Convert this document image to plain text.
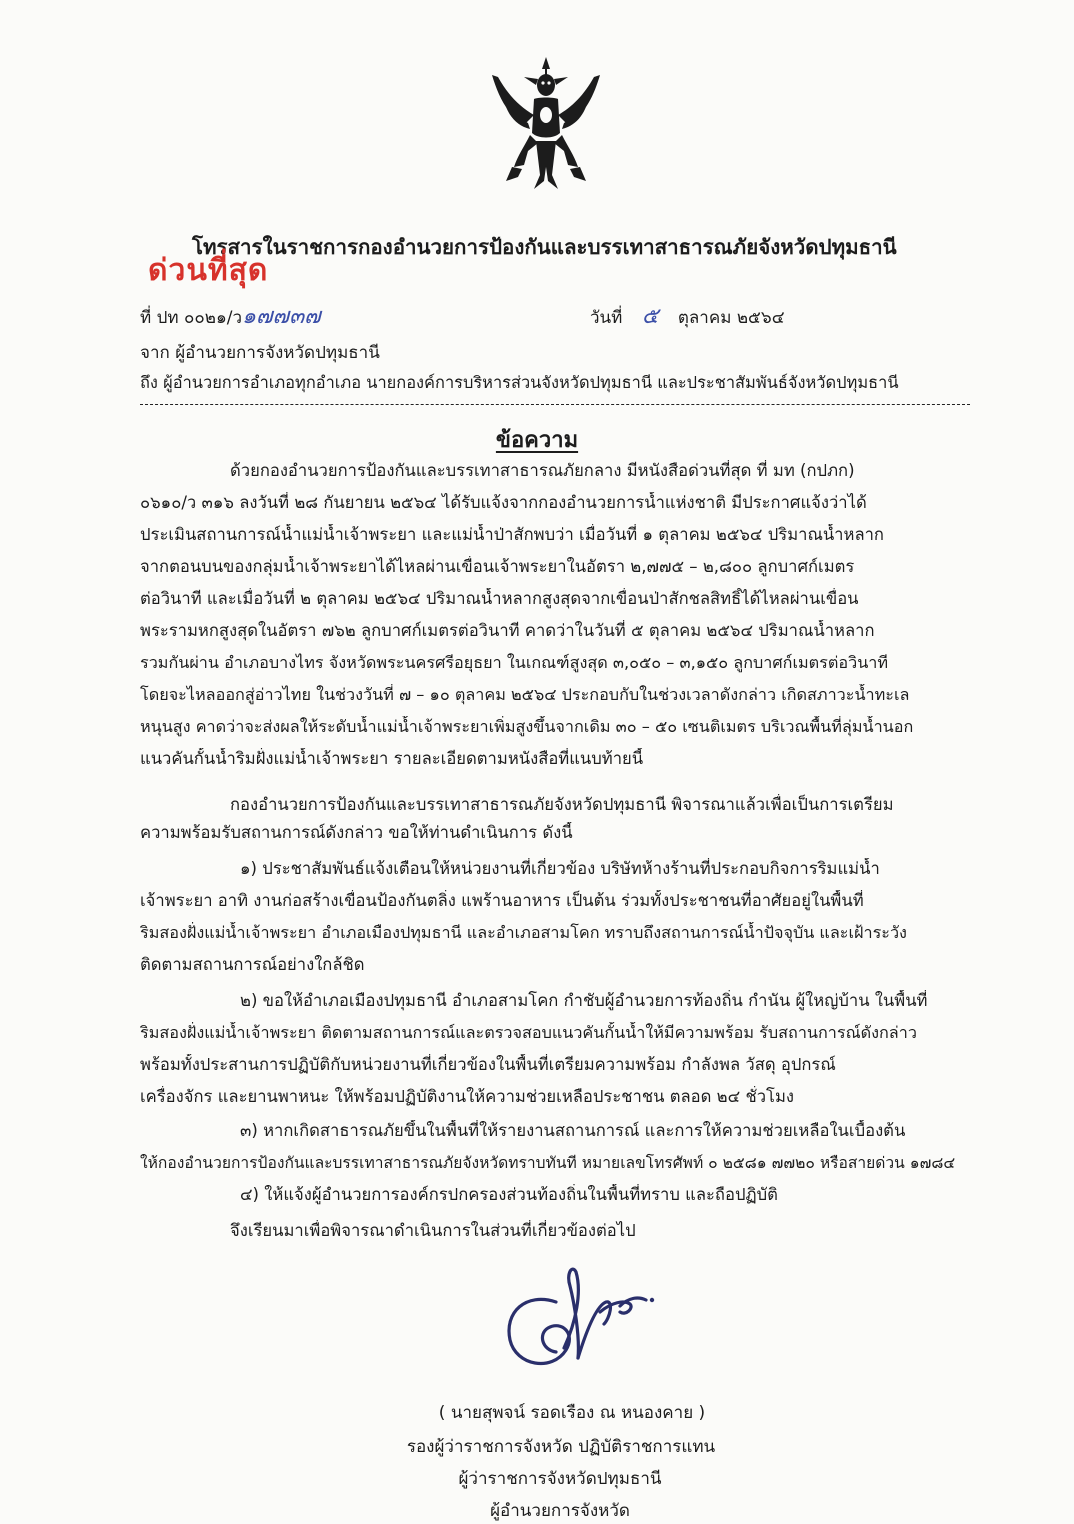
โทรสารในราชการกองอำนวยการป้องกันและบรรเทาสาธารณภัยจังหวัดปทุมธานี
ด่วนที่สุด
ที่ ปท ๐๐๒๑/ว๑๗๗๓๗	วันที่ ๕ ตุลาคม ๒๕๖๔
จาก ผู้อำนวยการจังหวัดปทุมธานี
ถึง ผู้อำนวยการอำเภอทุกอำเภอ นายกองค์การบริหารส่วนจังหวัดปทุมธานี และประชาสัมพันธ์จังหวัดปทุมธานี
ข้อความ
ด้วยกองอำนวยการป้องกันและบรรเทาสาธารณภัยกลาง มีหนังสือด่วนที่สุด ที่ มท (กปภก)
๐๖๑๐/ว ๓๑๖ ลงวันที่ ๒๘ กันยายน ๒๕๖๔ ได้รับแจ้งจากกองอำนวยการน้ำแห่งชาติ มีประกาศแจ้งว่าได้
ประเมินสถานการณ์น้ำแม่น้ำเจ้าพระยา และแม่น้ำป่าสักพบว่า เมื่อวันที่ ๑ ตุลาคม ๒๕๖๔ ปริมาณน้ำหลาก
จากตอนบนของกลุ่มน้ำเจ้าพระยาได้ไหลผ่านเขื่อนเจ้าพระยาในอัตรา ๒,๗๗๕ – ๒,๘๐๐ ลูกบาศก์เมตร
ต่อวินาที และเมื่อวันที่ ๒ ตุลาคม ๒๕๖๔ ปริมาณน้ำหลากสูงสุดจากเขื่อนป่าสักชลสิทธิ์ได้ไหลผ่านเขื่อน
พระรามหกสูงสุดในอัตรา ๗๖๒ ลูกบาศก์เมตรต่อวินาที คาดว่าในวันที่ ๕ ตุลาคม ๒๕๖๔ ปริมาณน้ำหลาก
รวมกันผ่าน อำเภอบางไทร จังหวัดพระนครศรีอยุธยา ในเกณฑ์สูงสุด ๓,๐๕๐ – ๓,๑๕๐ ลูกบาศก์เมตรต่อวินาที
โดยจะไหลออกสู่อ่าวไทย ในช่วงวันที่ ๗ – ๑๐ ตุลาคม ๒๕๖๔ ประกอบกับในช่วงเวลาดังกล่าว เกิดสภาวะน้ำทะเล
หนุนสูง คาดว่าจะส่งผลให้ระดับน้ำแม่น้ำเจ้าพระยาเพิ่มสูงขึ้นจากเดิม ๓๐ – ๕๐ เซนติเมตร บริเวณพื้นที่ลุ่มน้ำนอก
แนวคันกั้นน้ำริมฝั่งแม่น้ำเจ้าพระยา รายละเอียดตามหนังสือที่แนบท้ายนี้
กองอำนวยการป้องกันและบรรเทาสาธารณภัยจังหวัดปทุมธานี พิจารณาแล้วเพื่อเป็นการเตรียม
ความพร้อมรับสถานการณ์ดังกล่าว ขอให้ท่านดำเนินการ ดังนี้
๑) ประชาสัมพันธ์แจ้งเตือนให้หน่วยงานที่เกี่ยวข้อง บริษัทห้างร้านที่ประกอบกิจการริมแม่น้ำ
เจ้าพระยา อาทิ งานก่อสร้างเขื่อนป้องกันตลิ่ง แพร้านอาหาร เป็นต้น ร่วมทั้งประชาชนที่อาศัยอยู่ในพื้นที่
ริมสองฝั่งแม่น้ำเจ้าพระยา อำเภอเมืองปทุมธานี และอำเภอสามโคก ทราบถึงสถานการณ์น้ำปัจจุบัน และเฝ้าระวัง
ติดตามสถานการณ์อย่างใกล้ชิด
๒) ขอให้อำเภอเมืองปทุมธานี อำเภอสามโคก กำชับผู้อำนวยการท้องถิ่น กำนัน ผู้ใหญ่บ้าน ในพื้นที่
ริมสองฝั่งแม่น้ำเจ้าพระยา ติดตามสถานการณ์และตรวจสอบแนวคันกั้นน้ำให้มีความพร้อม รับสถานการณ์ดังกล่าว
พร้อมทั้งประสานการปฏิบัติกับหน่วยงานที่เกี่ยวข้องในพื้นที่เตรียมความพร้อม กำลังพล วัสดุ อุปกรณ์
เครื่องจักร และยานพาหนะ ให้พร้อมปฏิบัติงานให้ความช่วยเหลือประชาชน ตลอด ๒๔ ชั่วโมง
๓) หากเกิดสาธารณภัยขึ้นในพื้นที่ให้รายงานสถานการณ์ และการให้ความช่วยเหลือในเบื้องต้น
ให้กองอำนวยการป้องกันและบรรเทาสาธารณภัยจังหวัดทราบทันที หมายเลขโทรศัพท์ ๐ ๒๕๘๑ ๗๗๒๐ หรือสายด่วน ๑๗๘๔
๔) ให้แจ้งผู้อำนวยการองค์กรปกครองส่วนท้องถิ่นในพื้นที่ทราบ และถือปฏิบัติ
จึงเรียนมาเพื่อพิจารณาดำเนินการในส่วนที่เกี่ยวข้องต่อไป
( นายสุพจน์ รอดเรือง ณ หนองคาย )
รองผู้ว่าราชการจังหวัด ปฏิบัติราชการแทน
ผู้ว่าราชการจังหวัดปทุมธานี
ผู้อำนวยการจังหวัด
